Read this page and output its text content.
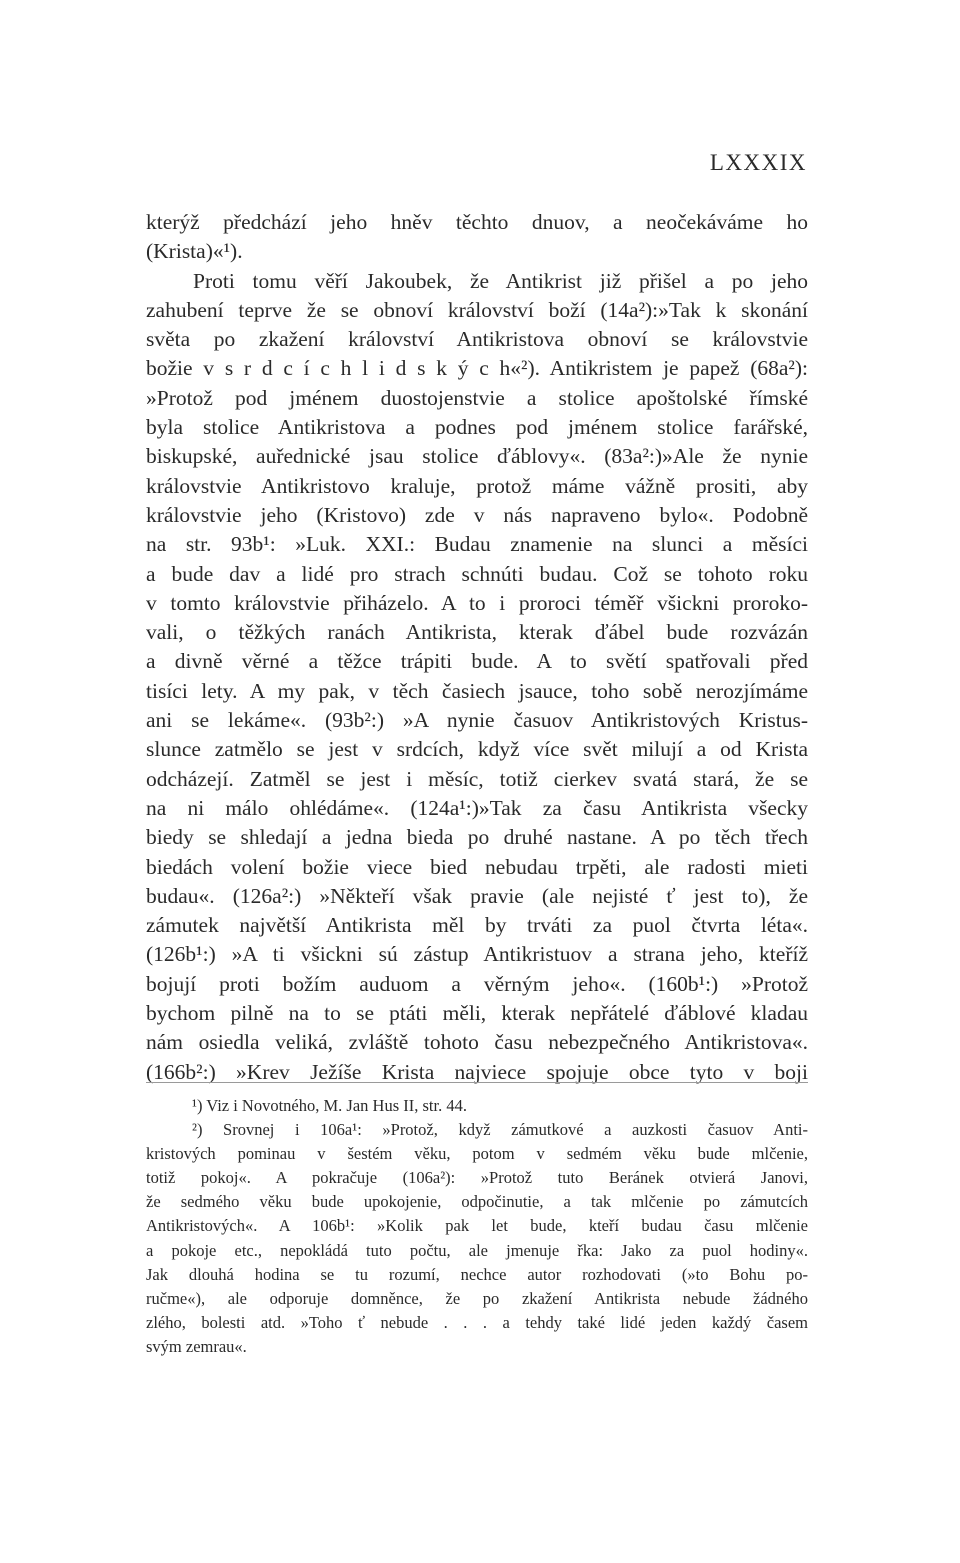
LXXXIX
kterýž předchází jeho hněv těchto dnuov, a neočekáváme ho
(Krista)«¹).
Proti tomu věří Jakoubek, že Antikrist již přišel a po jeho
zahubení teprve že se obnoví království boží (14a²):»Tak k skonání
světa po zkažení království Antikristova obnoví se královstvie
božie v s r d c í c h l i d s k ý c h«²). Antikristem je papež (68a²):
»Protož pod jménem duostojenstvie a stolice apoštolské římské
byla stolice Antikristova a podnes pod jménem stolice farářské,
biskupské, auřednické jsau stolice ďáblovy«. (83a²:)»Ale že nynie
královstvie Antikristovo kraluje, protož máme vážně prositi, aby
královstvie jeho (Kristovo) zde v nás napraveno bylo«. Podobně
na str. 93b¹: »Luk. XXI.: Budau znamenie na slunci a měsíci
a bude dav a lidé pro strach schnúti budau. Což se tohoto roku
v tomto královstvie přiházelo. A to i proroci téměř všickni proroko-
vali, o těžkých ranách Antikrista, kterak ďábel bude rozvázán
a divně věrné a těžce trápiti bude. A to světí spatřovali před
tisíci lety. A my pak, v těch časiech jsauce, toho sobě nerozjímáme
ani se lekáme«. (93b²:) »A nynie časuov Antikristových Kristus-
slunce zatmělo se jest v srdcích, když více svět milují a od Krista
odcházejí. Zatměl se jest i měsíc, totiž cierkev svatá stará, že se
na ni málo ohlédáme«. (124a¹:)»Tak za času Antikrista všecky
biedy se shledají a jedna bieda po druhé nastane. A po těch třech
biedách volení božie viece bied nebudau trpěti, ale radosti mieti
budau«. (126a²:) »Někteří však pravie (ale nejisté ť jest to), že
zámutek najvětší Antikrista měl by trváti za puol čtvrta léta«.
(126b¹:) »A ti všickni sú zástup Antikristuov a strana jeho, kteříž
bojují proti božím auduom a věrným jeho«. (160b¹:) »Protož
bychom pilně na to se ptáti měli, kterak nepřátelé ďáblové kladau
nám osiedla veliká, zvláště tohoto času nebezpečného Antikristova«.
(166b²:) »Krev Ježíše Krista najviece spojuje obce tyto v boji
¹) Viz i Novotného, M. Jan Hus II, str. 44.
²) Srovnej i 106a¹: »Protož, když zámutkové a auzkosti časuov Anti-
kristových pominau v šestém věku, potom v sedmém věku bude mlčenie,
totiž pokoj«. A pokračuje (106a²): »Protož tuto Beránek otvierá Janovi,
že sedmého věku bude upokojenie, odpočinutie, a tak mlčenie po zámutcích
Antikristových«. A 106b¹: »Kolik pak let bude, kteří budau času mlčenie
a pokoje etc., nepokládá tuto počtu, ale jmenuje řka: Jako za puol hodiny«.
Jak dlouhá hodina se tu rozumí, nechce autor rozhodovati (»to Bohu po-
ručme«), ale odporuje domněnce, že po zkažení Antikrista nebude žádného
zlého, bolesti atd. »Toho ť nebude . . . a tehdy také lidé jeden každý časem
svým zemrau«.
